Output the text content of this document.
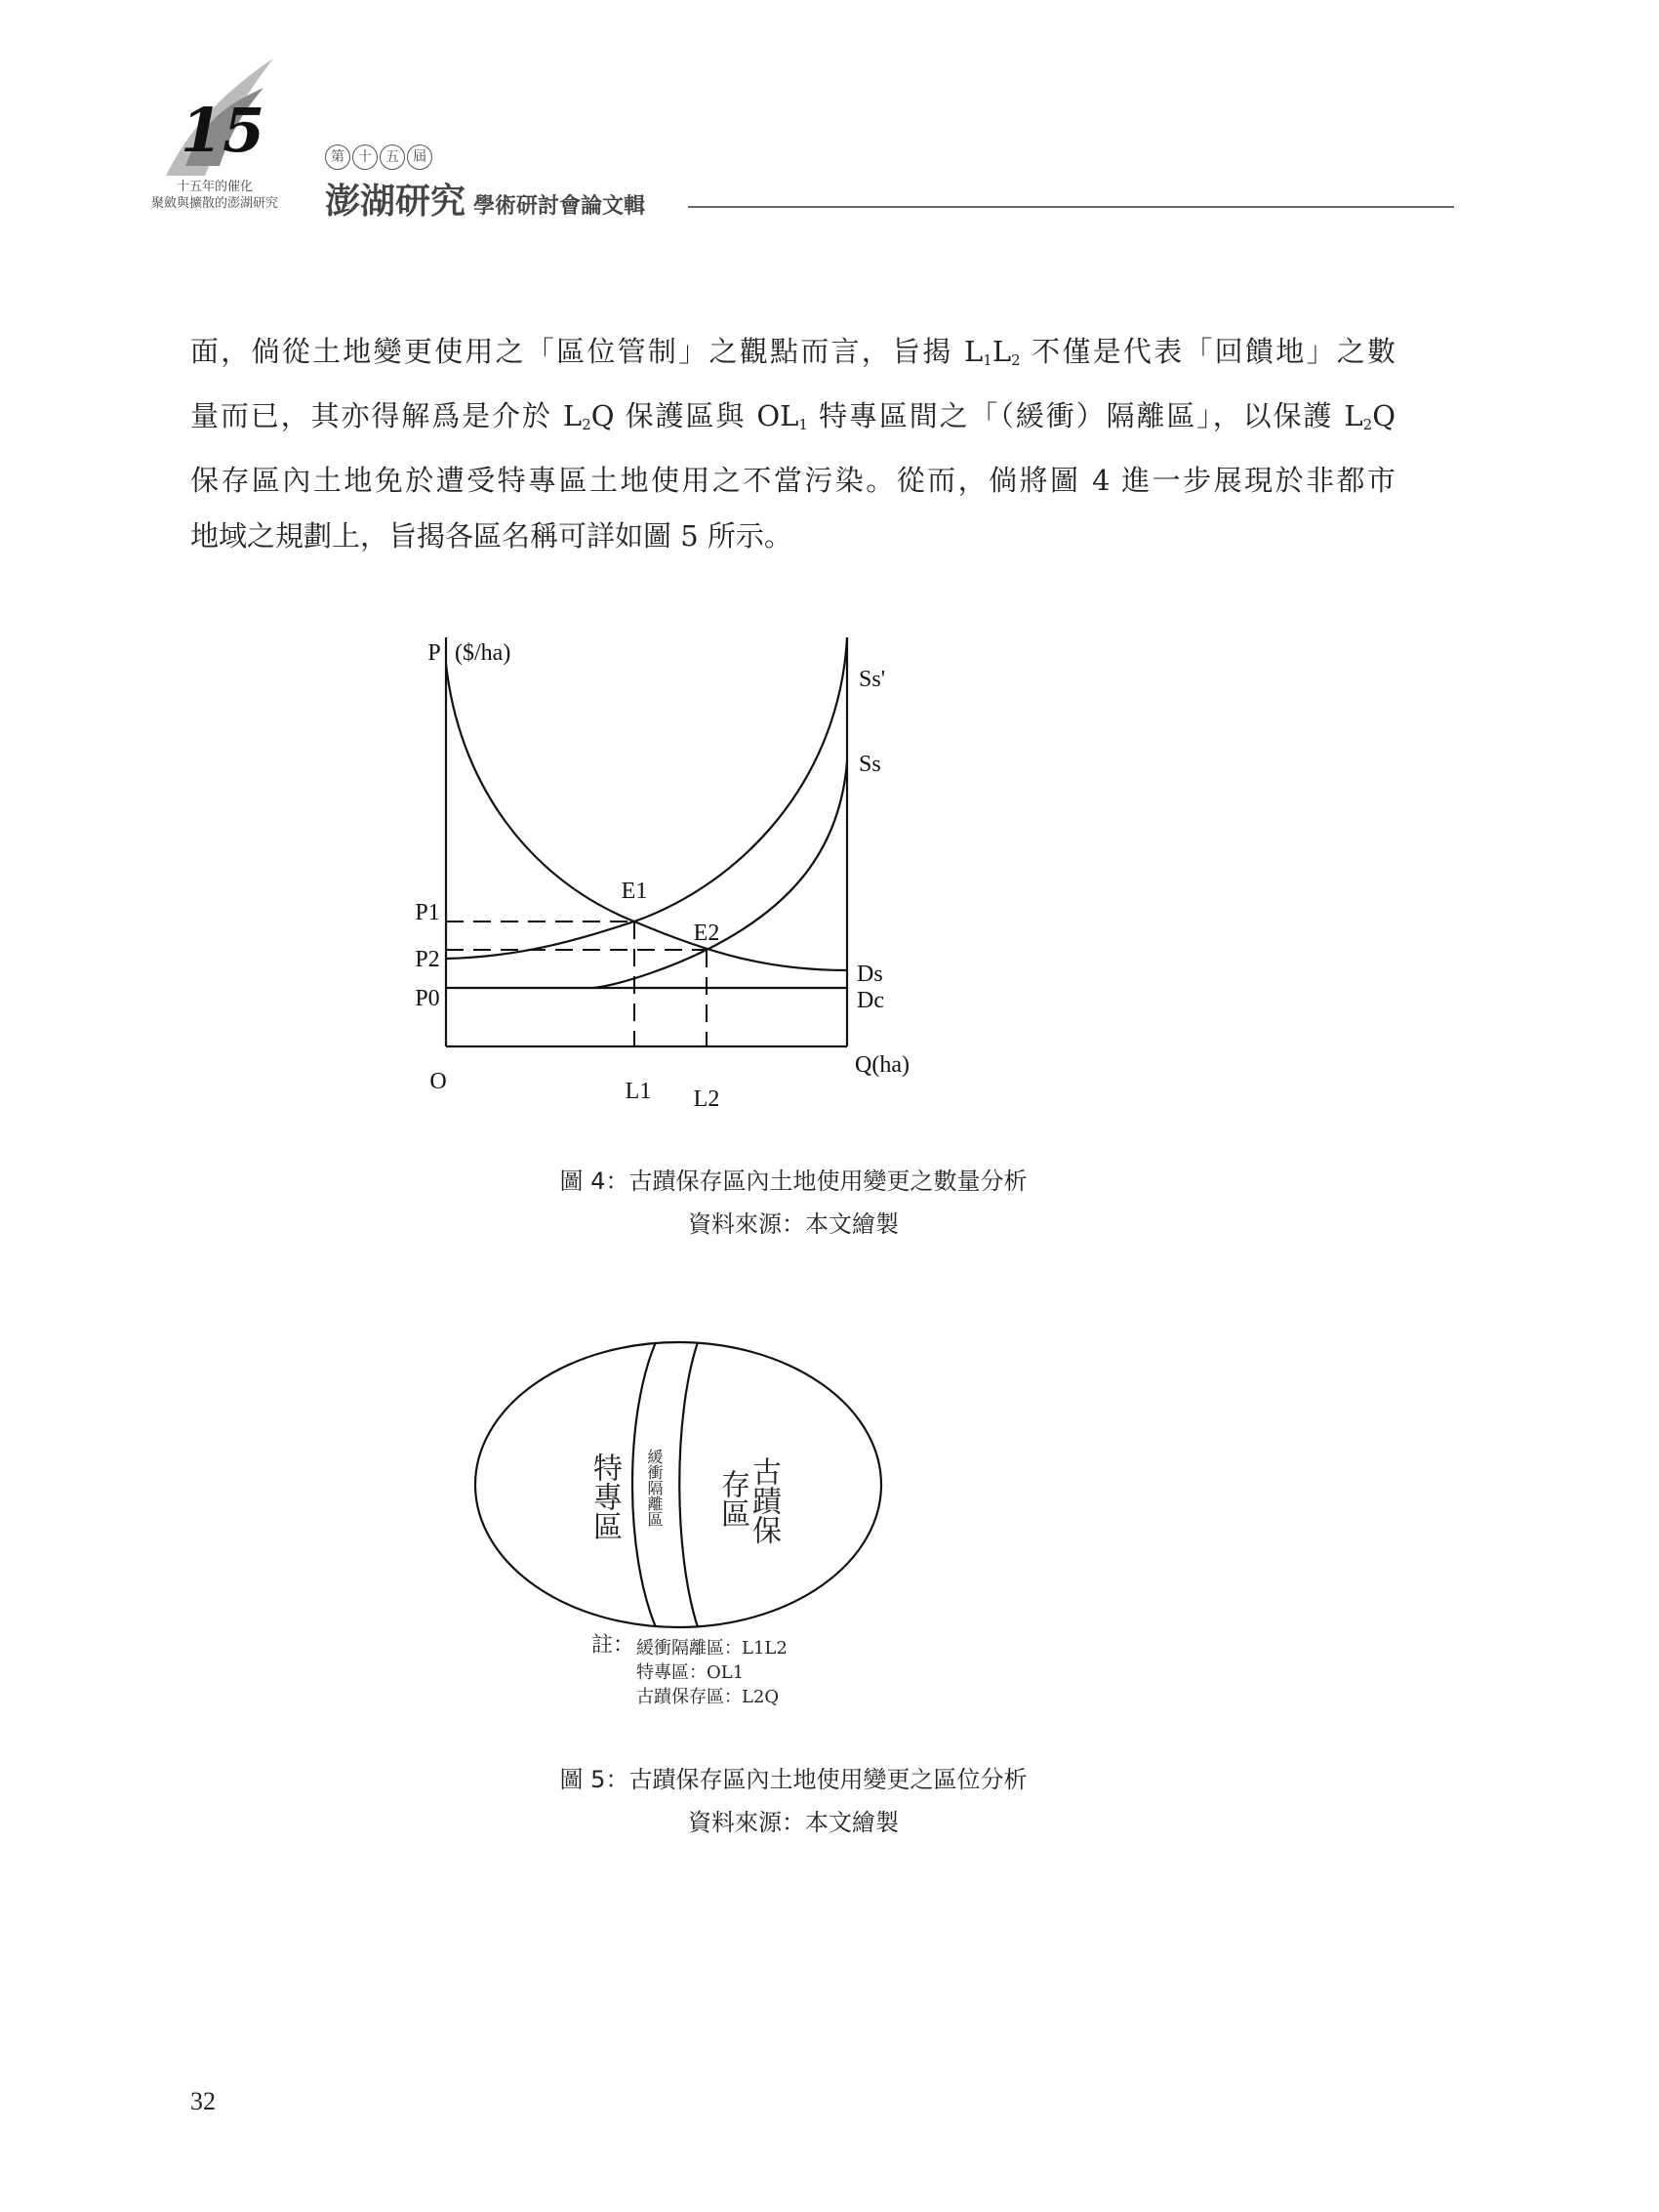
15
十五年的催化
聚斂與擴散的澎湖研究
第	十	五	屆
澎湖研究 學術研討會論文輯
面，倘從土地變更使用之「區位管制」之觀點而言，旨揭 $L_1L_2$ 不僅是代表「回饋地」之數
量而已，其亦得解爲是介於 $L_2Q$ 保護區與 $OL_1$ 特專區間之「（緩衝）隔離區」，以保護 $L_2Q$
保存區內土地免於遭受特專區土地使用之不當污染。從而，倘將圖 4 進一步展現於非都市
地域之規劃上，旨揭各區名稱可詳如圖 5 所示。
P ($/ha)
Ss'
Ss
E1
E2
P1
P2
P0
Ds
Dc
Q(ha)
O	L1 L2
圖 4：古蹟保存區內土地使用變更之數量分析
資料來源：本文繪製
特專區 緩衝隔離區	古蹟保
存區
註： 緩衝隔離區：L1L2
特專區：OL1
古蹟保存區：L2Q
圖 5：古蹟保存區內土地使用變更之區位分析
資料來源：本文繪製
32
